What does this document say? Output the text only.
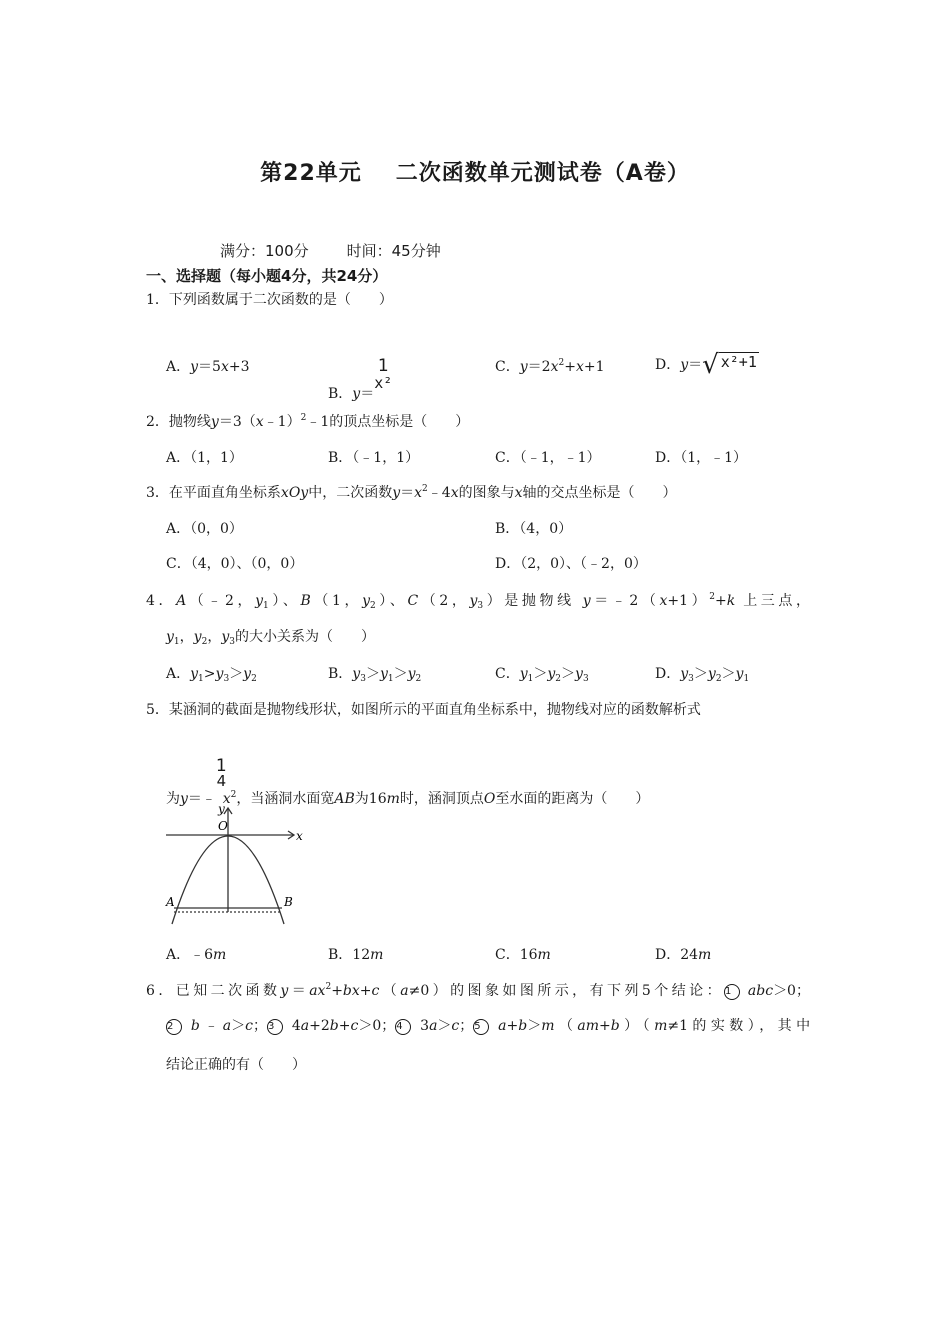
第22单元 二次函数单元测试卷（A卷）
满分：100分	时间：45分钟
一、选择题（每小题4分，共24分）
1．下列函数属于二次函数的是（　　）
A．y＝5x+3
B．y＝
1
x²
C．$y=2x^2+x+1$	D．y＝√ x²+1
2．抛物线y＝3（x﹣1）$^2$﹣1的顶点坐标是（　　）
A．（1，1）	B．（﹣1，1）	C．（﹣1，﹣1）	D．（1，﹣1）
3．在平面直角坐标系xOy中，二次函数$y=x^2﹣4x$的图象与x轴的交点坐标是（　　）
A．（0，0）	B．（4，0）
C．（4，0）、（0，0）	D．（2，0）、（﹣2，0）
4．A（﹣2，$y_1$）、B（1，$y_2$）、C（2，$y_3$）是抛物线 $y=﹣2(x+1)^2+k$ 上三点，
$y_1$，$y_2$，$y_3$的大小关系为（　　）
A．$y_1>y_3>y_2$	B．$y_3>y_1>y_2$	C．$y_1>y_2>y_3$	D．$y_3>y_2>y_1$
5．某涵洞的截面是抛物线形状，如图所示的平面直角坐标系中，抛物线对应的函数解析式
为y＝﹣
1
4
$x^2$，当涵洞水面宽AB为16m时，涵洞顶点O至水面的距离为（　　）
O
y
x
A	B
A．﹣6m	B．12m	C．16m	D．24m
6．已知二次函数$y=ax^2+bx+c(a\ne 0)$的图象如图所示，有下列5个结论：1 abc＞0；
2 b﹣a＞c；3 4a+2b+c＞0；4 3a＞c；5 a+b＞m（am+b）（m≠1的实数），其中
结论正确的有（　　）
